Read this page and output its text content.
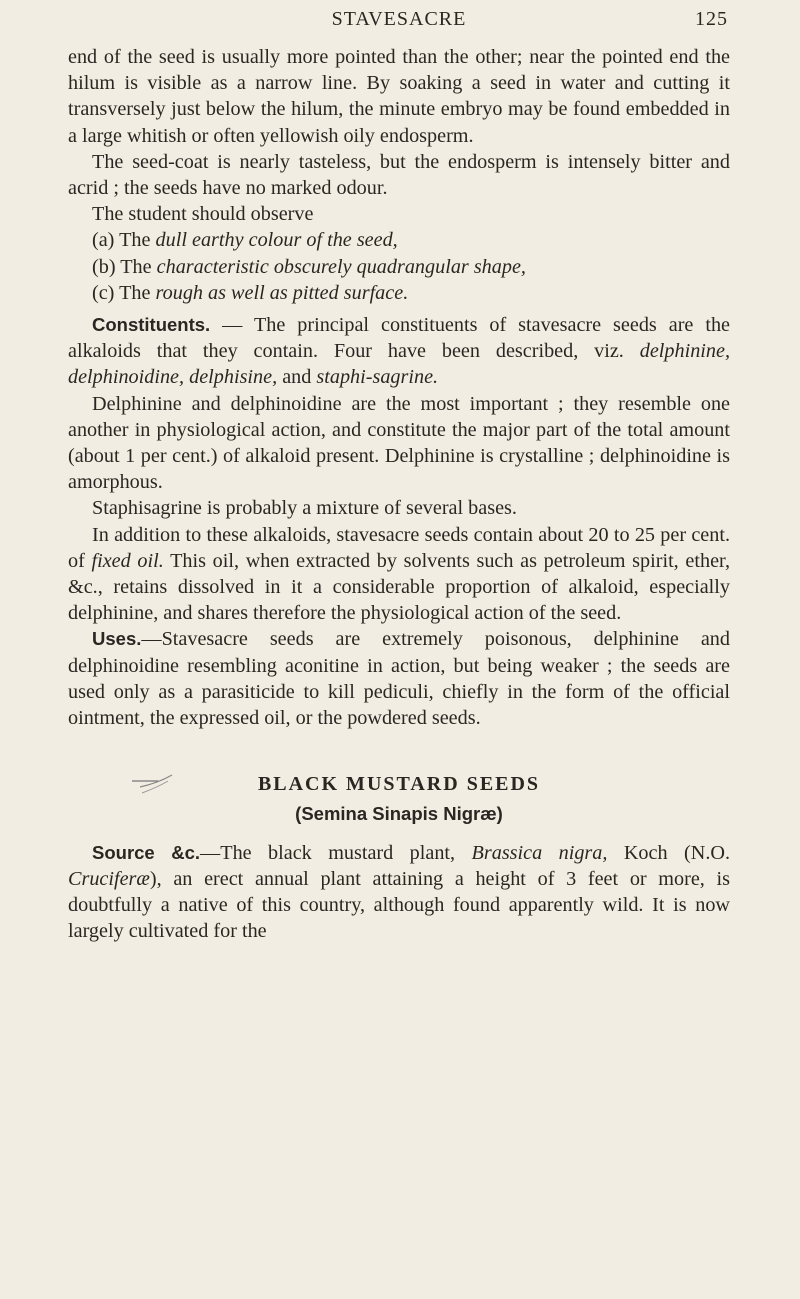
STAVESACRE	125

end of the seed is usually more pointed than the other; near the pointed end the hilum is visible as a narrow line. By soaking a seed in water and cutting it transversely just below the hilum, the minute embryo may be found embedded in a large whitish or often yellowish oily endosperm.

The seed-coat is nearly tasteless, but the endosperm is intensely bitter and acrid ; the seeds have no marked odour.

The student should observe

(a) The dull earthy colour of the seed,

(b) The characteristic obscurely quadrangular shape,

(c) The rough as well as pitted surface.

Constituents. — The principal constituents of stavesacre seeds are the alkaloids that they contain. Four have been described, viz. delphinine, delphinoidine, delphisine, and staphi-sagrine.

Delphinine and delphinoidine are the most important ; they resemble one another in physiological action, and constitute the major part of the total amount (about 1 per cent.) of alkaloid present. Delphinine is crystalline ; delphinoidine is amorphous.

Staphisagrine is probably a mixture of several bases.

In addition to these alkaloids, stavesacre seeds contain about 20 to 25 per cent. of fixed oil. This oil, when extracted by solvents such as petroleum spirit, ether, &c., retains dissolved in it a considerable proportion of alkaloid, especially delphinine, and shares therefore the physiological action of the seed.

Uses.—Stavesacre seeds are extremely poisonous, delphinine and delphinoidine resembling aconitine in action, but being weaker ; the seeds are used only as a parasiticide to kill pediculi, chiefly in the form of the official ointment, the expressed oil, or the powdered seeds.

BLACK MUSTARD SEEDS
(Semina Sinapis Nigræ)

Source &c.—The black mustard plant, Brassica nigra, Koch (N.O. Cruciferæ), an erect annual plant attaining a height of 3 feet or more, is doubtfully a native of this country, although found apparently wild. It is now largely cultivated for the
